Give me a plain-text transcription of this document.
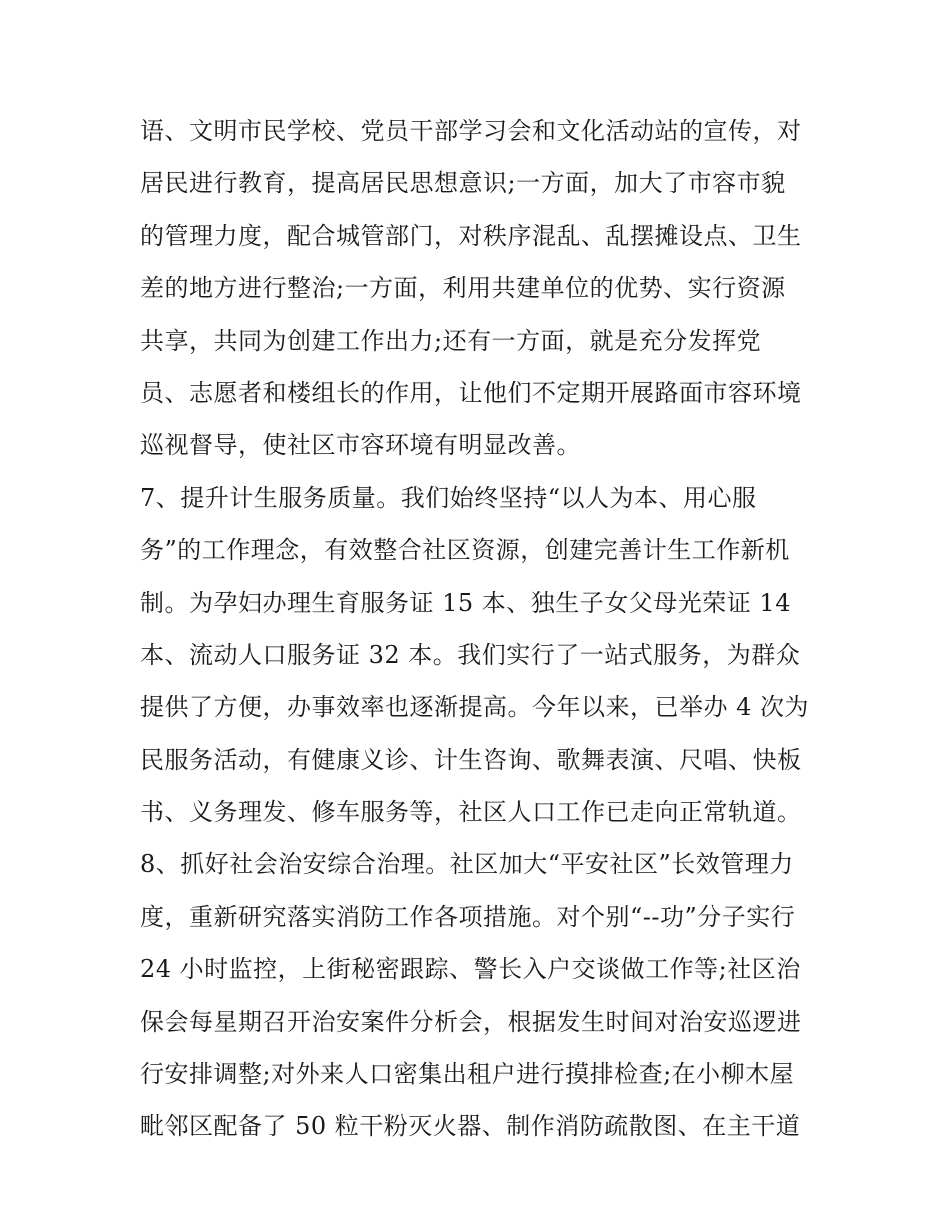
语、文明市民学校、党员干部学习会和文化活动站的宣传，对
居民进行教育，提高居民思想意识;一方面，加大了市容市貌
的管理力度，配合城管部门，对秩序混乱、乱摆摊设点、卫生
差的地方进行整治;一方面，利用共建单位的优势、实行资源
共享，共同为创建工作出力;还有一方面，就是充分发挥党
员、志愿者和楼组长的作用，让他们不定期开展路面市容环境
巡视督导，使社区市容环境有明显改善。
7、提升计生服务质量。我们始终坚持“以人为本、用心服
务”的工作理念，有效整合社区资源，创建完善计生工作新机
制。为孕妇办理生育服务证 15 本、独生子女父母光荣证 14
本、流动人口服务证 32 本。我们实行了一站式服务，为群众
提供了方便，办事效率也逐渐提高。今年以来，已举办 4 次为
民服务活动，有健康义诊、计生咨询、歌舞表演、尺唱、快板
书、义务理发、修车服务等，社区人口工作已走向正常轨道。
8、抓好社会治安综合治理。社区加大“平安社区”长效管理力
度，重新研究落实消防工作各项措施。对个别“--功”分子实行
24 小时监控，上街秘密跟踪、警长入户交谈做工作等;社区治
保会每星期召开治安案件分析会，根据发生时间对治安巡逻进
行安排调整;对外来人口密集出租户进行摸排检查;在小柳木屋
毗邻区配备了 50 粒干粉灭火器、制作消防疏散图、在主干道
